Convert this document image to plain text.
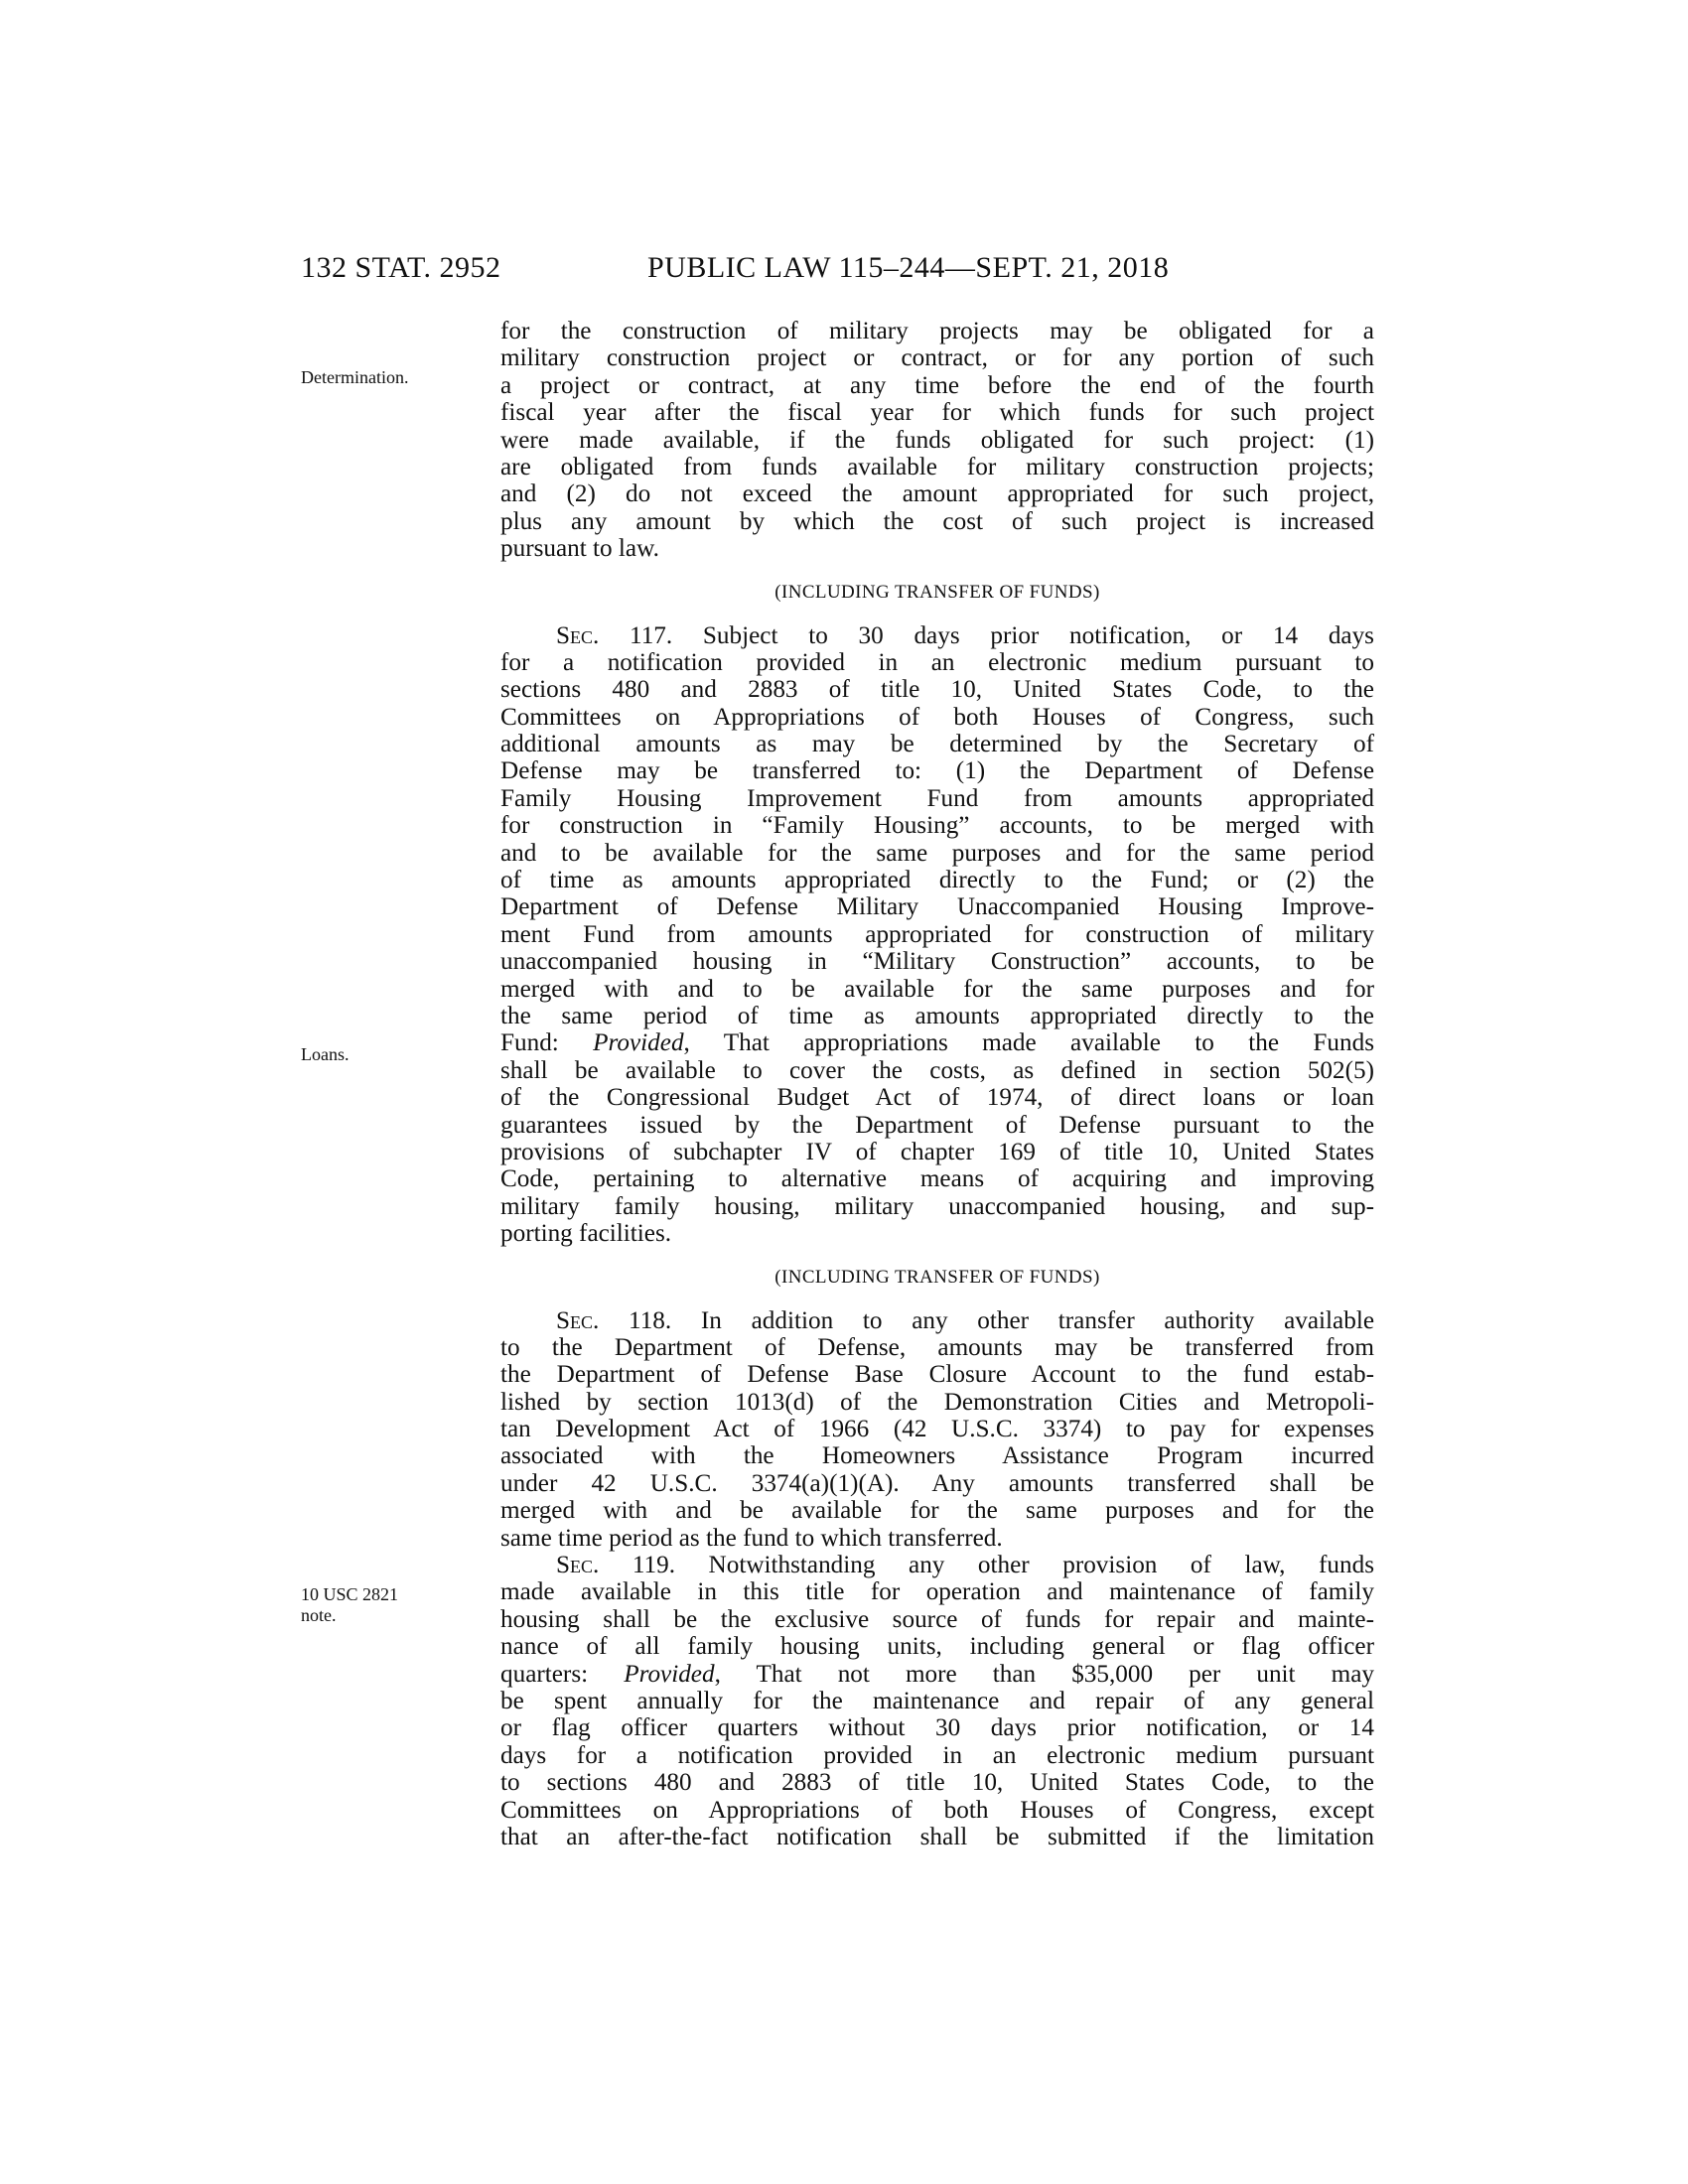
132 STAT. 2952	PUBLIC LAW 115–244—SEPT. 21, 2018
Determination.
Loans.
10 USC 2821
note.
for the construction of military projects may be obligated for a
military construction project or contract, or for any portion of such
a project or contract, at any time before the end of the fourth
fiscal year after the fiscal year for which funds for such project
were made available, if the funds obligated for such project: (1)
are obligated from funds available for military construction projects;
and (2) do not exceed the amount appropriated for such project,
plus any amount by which the cost of such project is increased
pursuant to law.
(INCLUDING TRANSFER OF FUNDS)
Sec. 117. Subject to 30 days prior notification, or 14 days
for a notification provided in an electronic medium pursuant to
sections 480 and 2883 of title 10, United States Code, to the
Committees on Appropriations of both Houses of Congress, such
additional amounts as may be determined by the Secretary of
Defense may be transferred to: (1) the Department of Defense
Family Housing Improvement Fund from amounts appropriated
for construction in “Family Housing” accounts, to be merged with
and to be available for the same purposes and for the same period
of time as amounts appropriated directly to the Fund; or (2) the
Department of Defense Military Unaccompanied Housing Improve-
ment Fund from amounts appropriated for construction of military
unaccompanied housing in “Military Construction” accounts, to be
merged with and to be available for the same purposes and for
the same period of time as amounts appropriated directly to the
Fund: Provided, That appropriations made available to the Funds
shall be available to cover the costs, as defined in section 502(5)
of the Congressional Budget Act of 1974, of direct loans or loan
guarantees issued by the Department of Defense pursuant to the
provisions of subchapter IV of chapter 169 of title 10, United States
Code, pertaining to alternative means of acquiring and improving
military family housing, military unaccompanied housing, and sup-
porting facilities.
(INCLUDING TRANSFER OF FUNDS)
Sec. 118. In addition to any other transfer authority available
to the Department of Defense, amounts may be transferred from
the Department of Defense Base Closure Account to the fund estab-
lished by section 1013(d) of the Demonstration Cities and Metropoli-
tan Development Act of 1966 (42 U.S.C. 3374) to pay for expenses
associated with the Homeowners Assistance Program incurred
under 42 U.S.C. 3374(a)(1)(A). Any amounts transferred shall be
merged with and be available for the same purposes and for the
same time period as the fund to which transferred.
Sec. 119. Notwithstanding any other provision of law, funds
made available in this title for operation and maintenance of family
housing shall be the exclusive source of funds for repair and mainte-
nance of all family housing units, including general or flag officer
quarters: Provided, That not more than $35,000 per unit may
be spent annually for the maintenance and repair of any general
or flag officer quarters without 30 days prior notification, or 14
days for a notification provided in an electronic medium pursuant
to sections 480 and 2883 of title 10, United States Code, to the
Committees on Appropriations of both Houses of Congress, except
that an after-the-fact notification shall be submitted if the limitation
